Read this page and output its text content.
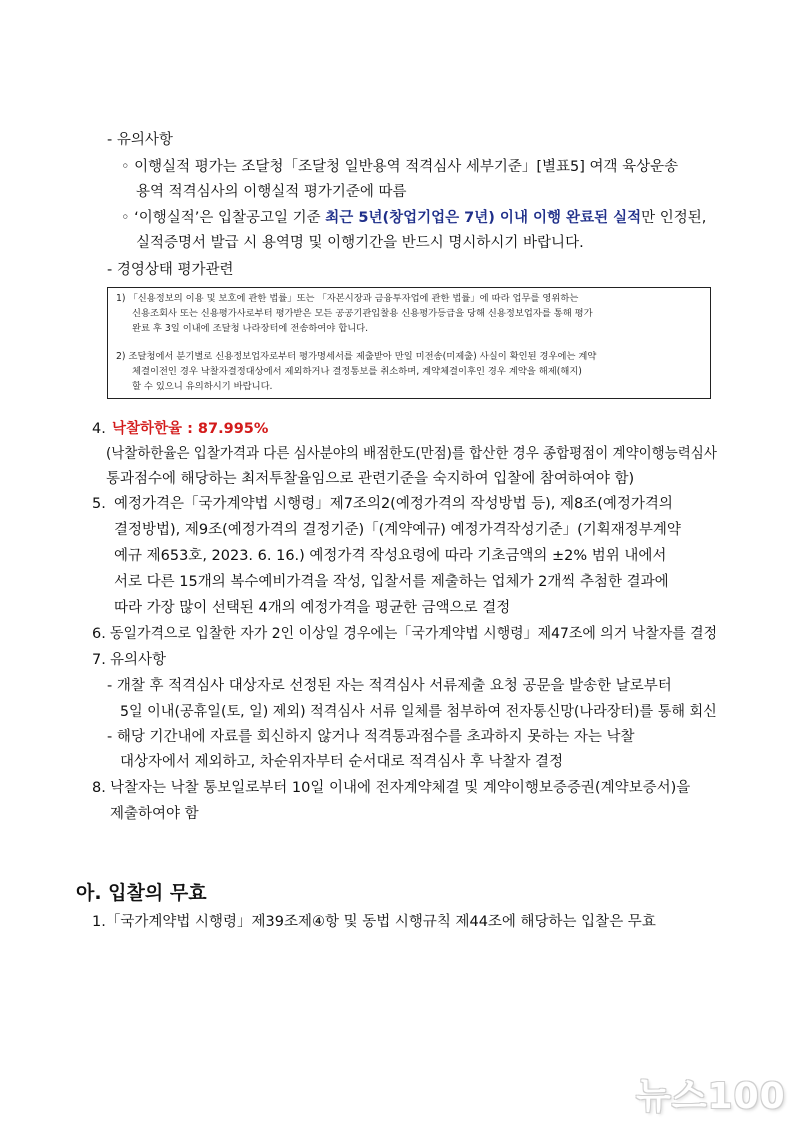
- 유의사항
◦ 이행실적 평가는 조달청「조달청 일반용역 적격심사 세부기준」[별표5] 여객 육상운송
용역 적격심사의 이행실적 평가기준에 따름
◦ ‘이행실적’은 입찰공고일 기준 최근 5년(창업기업은 7년) 이내 이행 완료된 실적만 인정된,
실적증명서 발급 시 용역명 및 이행기간을 반드시 명시하시기 바랍니다.
- 경영상태 평가관련
1) 「신용정보의 이용 및 보호에 관한 법률」또는 「자본시장과 금융투자업에 관한 법률」에 따라 업무를 영위하는
신용조회사 또는 신용평가사로부터 평가받은 모든 공공기관입찰용 신용평가등급을 당해 신용정보업자를 통해 평가
완료 후 3일 이내에 조달청 나라장터에 전송하여야 합니다.
2) 조달청에서 분기별로 신용정보업자로부터 평가명세서를 제출받아 만일 미전송(미제출) 사실이 확인된 경우에는 계약
체결이전인 경우 낙찰자결정대상에서 제외하거나 결정통보를 취소하며, 계약체결이후인 경우 계약을 해제(해지)
할 수 있으니 유의하시기 바랍니다.
4. 낙찰하한율 : 87.995%
(낙찰하한율은 입찰가격과 다른 심사분야의 배점한도(만점)를 합산한 경우 종합평점이 계약이행능력심사
통과점수에 해당하는 최저투찰율임으로 관련기준을 숙지하여 입찰에 참여하여야 함)
5. 예정가격은「국가계약법 시행령」제7조의2(예정가격의 작성방법 등), 제8조(예정가격의
결정방법), 제9조(예정가격의 결정기준)「(계약예규) 예정가격작성기준」(기획재정부계약
예규 제653호, 2023. 6. 16.) 예정가격 작성요령에 따라 기초금액의 ±2% 범위 내에서
서로 다른 15개의 복수예비가격을 작성, 입찰서를 제출하는 업체가 2개씩 추첨한 결과에
따라 가장 많이 선택된 4개의 예정가격을 평균한 금액으로 결정
6. 동일가격으로 입찰한 자가 2인 이상일 경우에는「국가계약법 시행령」제47조에 의거 낙찰자를 결정
7. 유의사항
- 개찰 후 적격심사 대상자로 선정된 자는 적격심사 서류제출 요청 공문을 발송한 날로부터
5일 이내(공휴일(토, 일) 제외) 적격심사 서류 일체를 첨부하여 전자통신망(나라장터)를 통해 회신
- 해당 기간내에 자료를 회신하지 않거나 적격통과점수를 초과하지 못하는 자는 낙찰
대상자에서 제외하고, 차순위자부터 순서대로 적격심사 후 낙찰자 결정
8. 낙찰자는 낙찰 통보일로부터 10일 이내에 전자계약체결 및 계약이행보증증권(계약보증서)을
제출하여야 함
아. 입찰의 무효
1.「국가계약법 시행령」제39조제④항 및 동법 시행규칙 제44조에 해당하는 입찰은 무효
뉴스100
